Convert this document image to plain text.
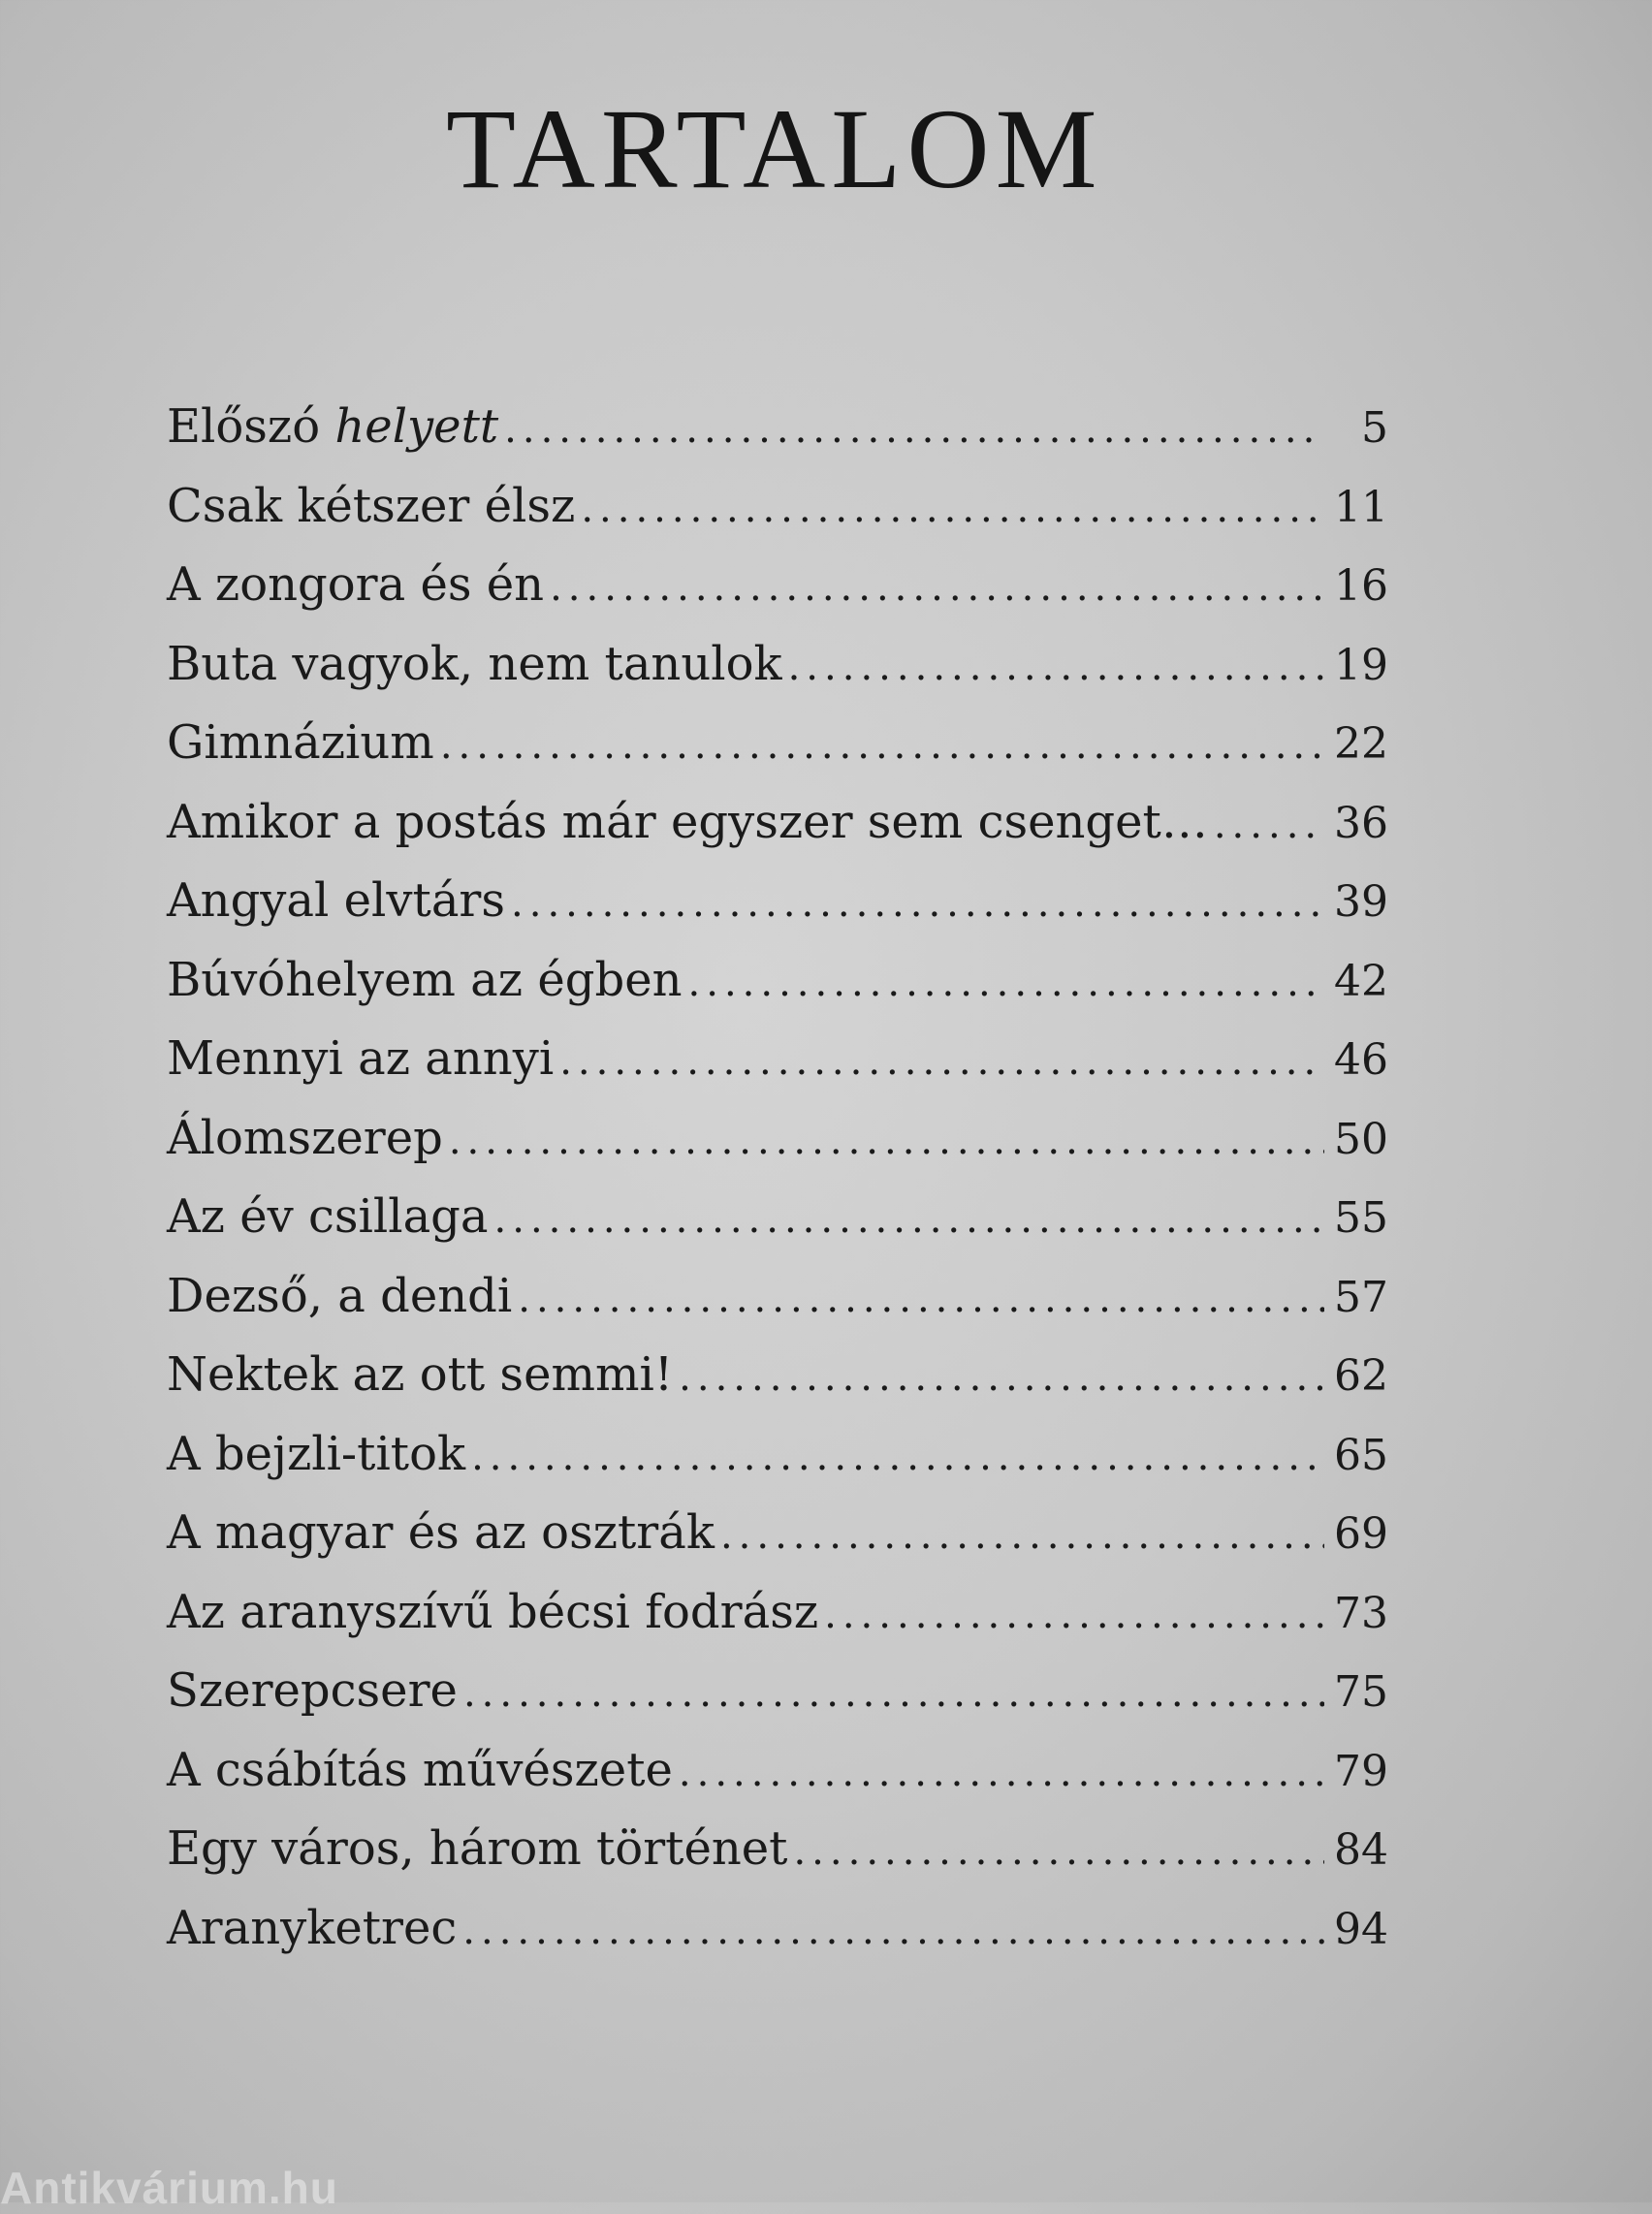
TARTALOM
Előszó helyett .....	5
Csak kétszer élsz .....	11
A zongora és én .....	16
Buta vagyok, nem tanulok .....	19
Gimnázium .....	22
Amikor a postás már egyszer sem csenget… .....	36
Angyal elvtárs .....	39
Búvóhelyem az égben .....	42
Mennyi az annyi .....	46
Álomszerep .....	50
Az év csillaga .....	55
Dezső, a dendi .....	57
Nektek az ott semmi! .....	62
A bejzli-titok .....	65
A magyar és az osztrák .....	69
Az aranyszívű bécsi fodrász .....	73
Szerepcsere .....	75
A csábítás művészete .....	79
Egy város, három történet .....	84
Aranyketrec .....	94
Antikvárium.hu
